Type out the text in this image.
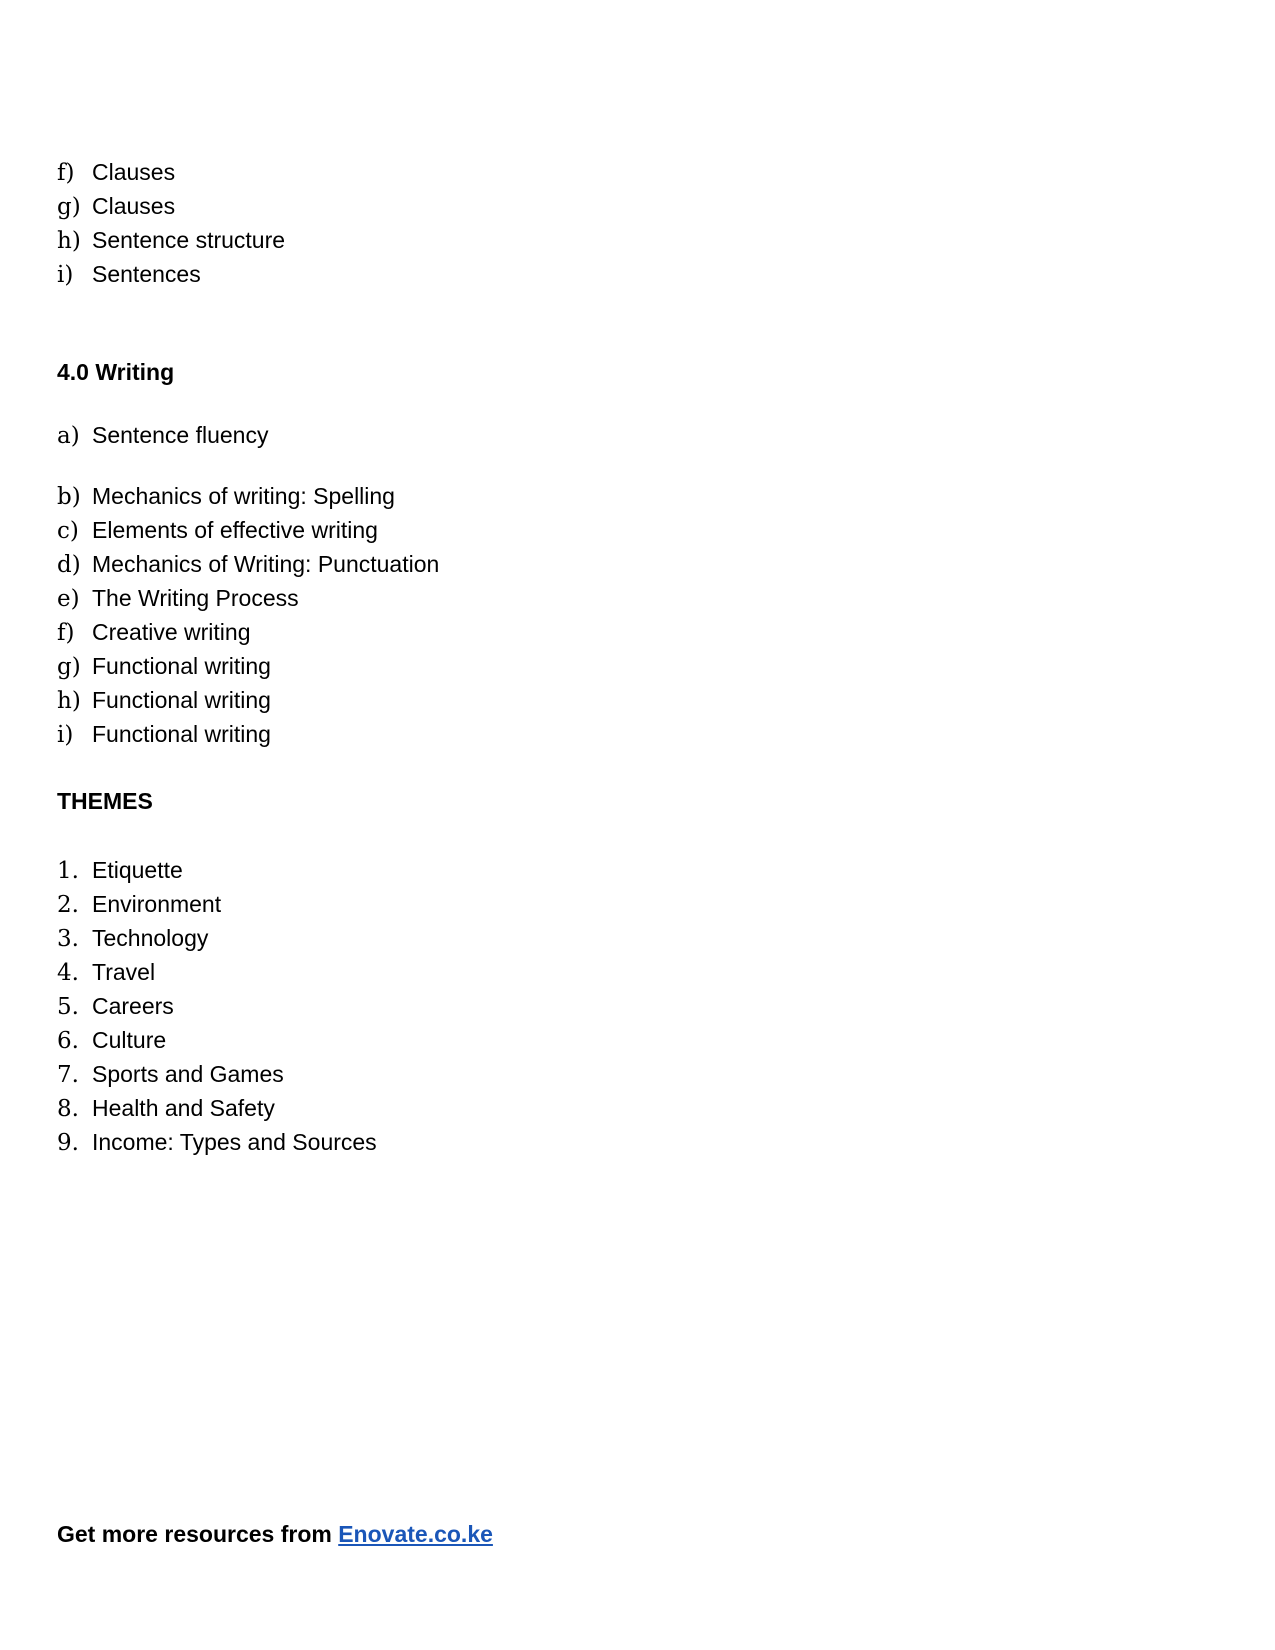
f) Clauses
g) Clauses
h) Sentence structure
i) Sentences
4.0 Writing
a) Sentence fluency
b) Mechanics of writing: Spelling
c) Elements of effective writing
d) Mechanics of Writing: Punctuation
e) The Writing Process
f) Creative writing
g) Functional writing
h) Functional writing
i) Functional writing
THEMES
1. Etiquette
2. Environment
3. Technology
4. Travel
5. Careers
6. Culture
7. Sports and Games
8. Health and Safety
9. Income: Types and Sources
Get more resources from Enovate.co.ke
